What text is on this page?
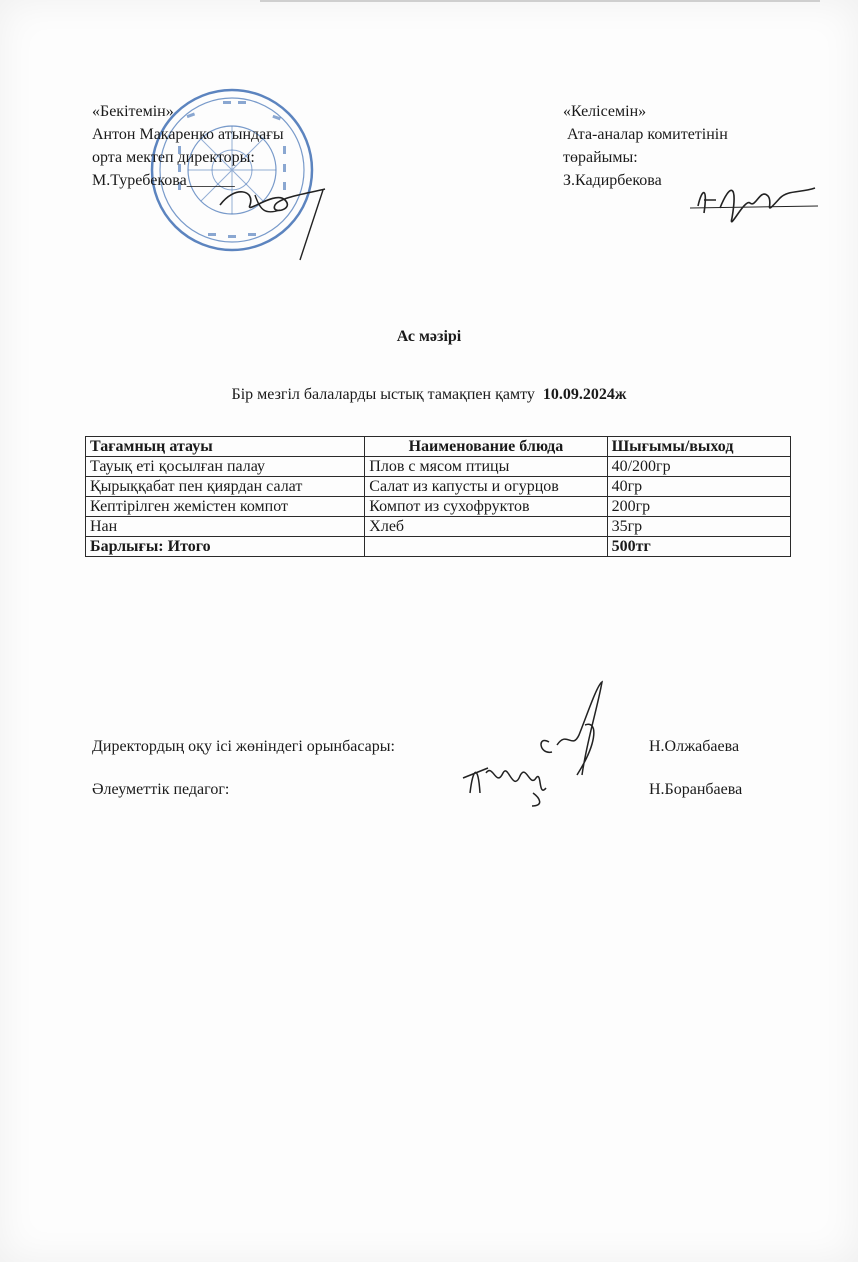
«Бекітемін»
Антон Макаренко атындағы
орта мектеп директоры:
М.Туребекова______
«Келісемін»
Ата-аналар комитетінін
төрайымы:
З.Кадирбекова
Ас мәзірі
Бір мезгіл балаларды ыстық тамақпен қамту 10.09.2024ж
Тағамның атауы	Наименование блюда	Шығымы/выход
Тауық еті қосылған палау	Плов с мясом птицы	40/200гр
Қырыққабат пен қиярдан салат	Салат из капусты и огурцов	40гр
Кептірілген жемістен компот	Компот из сухофруктов	200гр
Нан	Хлеб	35гр
Барлығы: Итого		500тг
Директордың оқу ісі жөніндегі орынбасары:	Н.Олжабаева
Әлеуметтік педагог:	Н.Боранбаева
